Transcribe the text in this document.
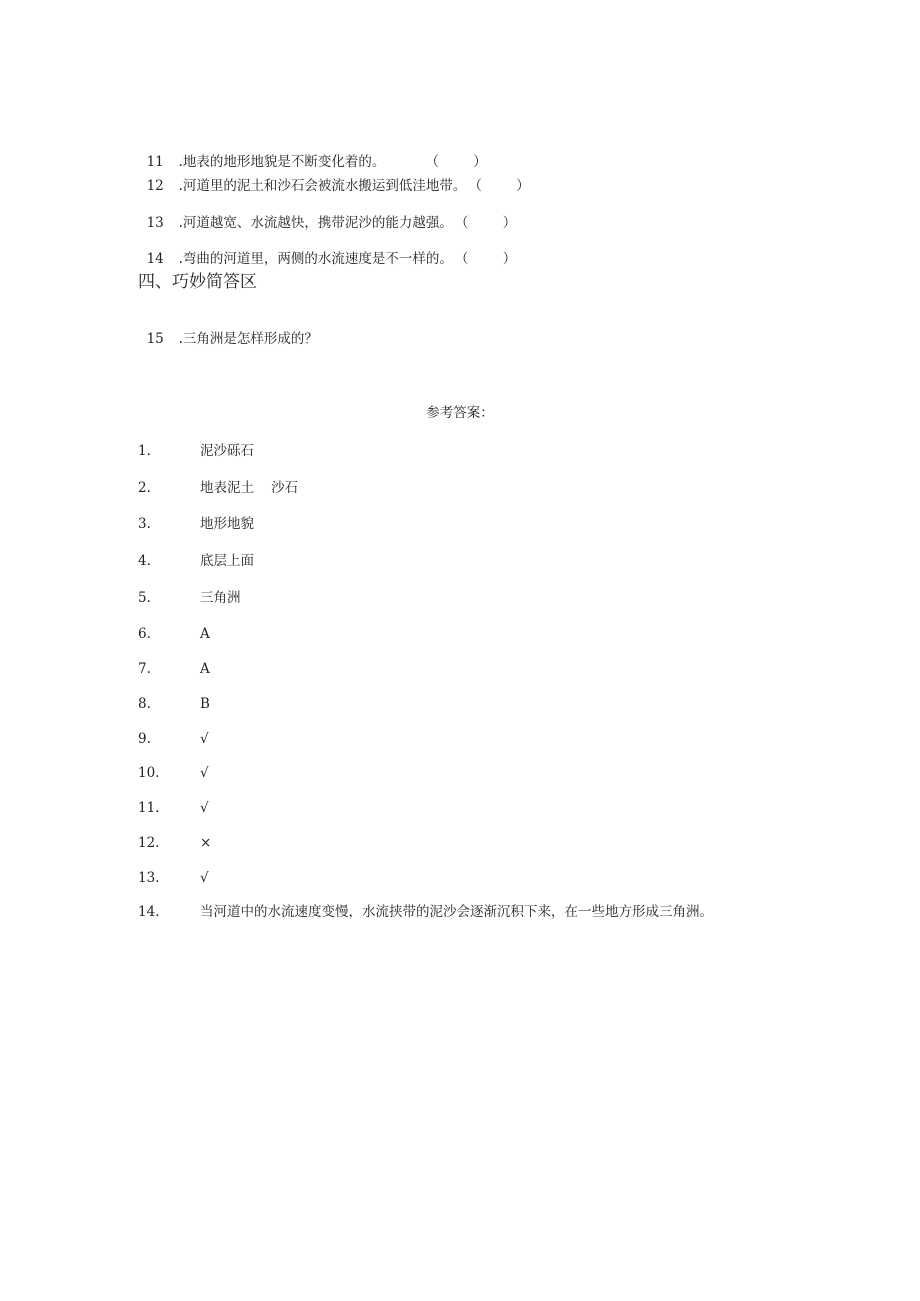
11 .地表的地形地貌是不断变化着的。	（        ）

12 .河道里的泥土和沙石会被流水搬运到低洼地带。 （        ）

13 .河道越宽、水流越快，携带泥沙的能力越强。 （        ）

14 .弯曲的河道里，两侧的水流速度是不一样的。 （        ）

四、巧妙简答区

15 .三角洲是怎样形成的？

参考答案：
1.	泥沙砾石
2.	地表泥土    沙石
3.	地形地貌
4.	底层上面
5.	三角洲
6.	A
7.	A
8.	B
9.	√
10.	√
11.	√
12.	×
13.	√
14.	当河道中的水流速度变慢，水流挟带的泥沙会逐渐沉积下来，在一些地方形成三角洲。
